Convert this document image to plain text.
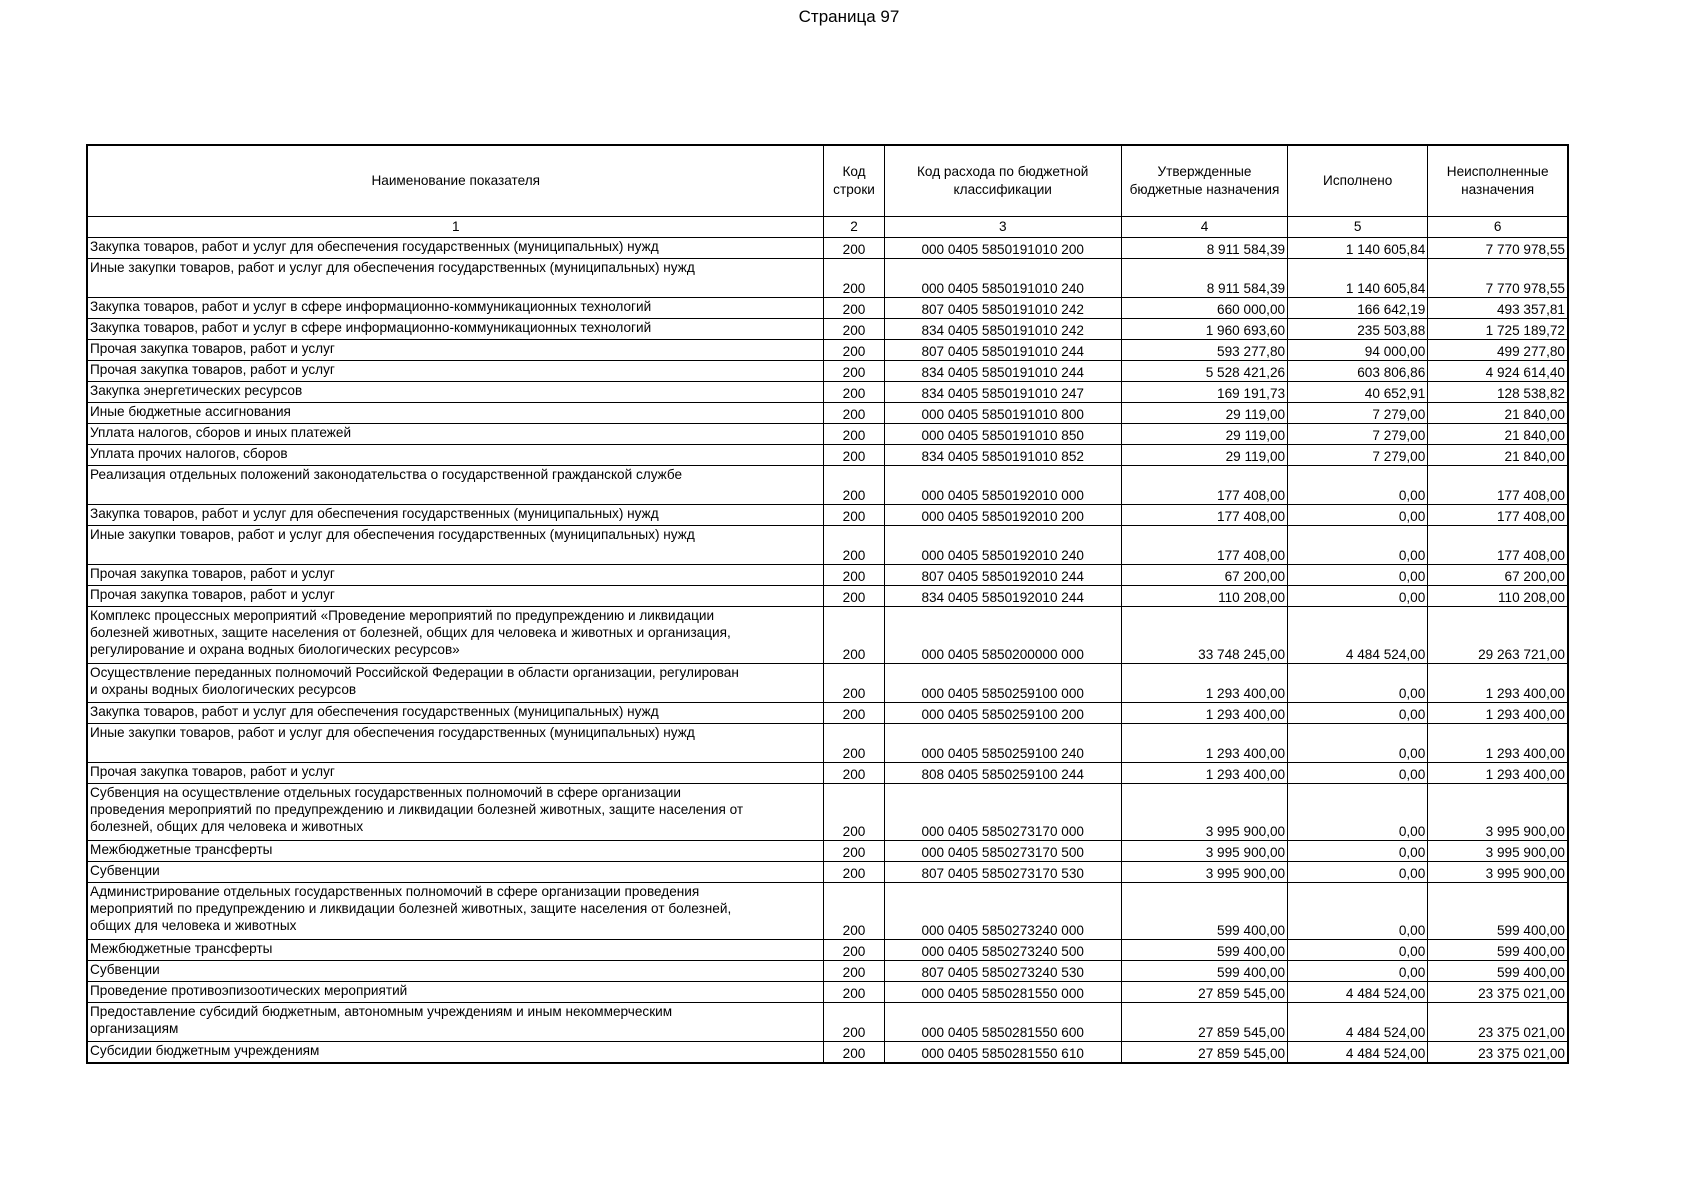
Страница 97
Наименование показателя	Код строки	Код расхода по бюджетной классификации	Утвержденные бюджетные назначения	Исполнено	Неисполненные назначения
1	2	3	4	5	6
Закупка товаров, работ и услуг для обеспечения государственных (муниципальных) нужд	200	000 0405 5850191010 200	8 911 584,39	1 140 605,84	7 770 978,55
Иные закупки товаров, работ и услуг для обеспечения государственных (муниципальных) нужд	200	000 0405 5850191010 240	8 911 584,39	1 140 605,84	7 770 978,55
Закупка товаров, работ и услуг в сфере информационно-коммуникационных технологий	200	807 0405 5850191010 242	660 000,00	166 642,19	493 357,81
Закупка товаров, работ и услуг в сфере информационно-коммуникационных технологий	200	834 0405 5850191010 242	1 960 693,60	235 503,88	1 725 189,72
Прочая закупка товаров, работ и услуг	200	807 0405 5850191010 244	593 277,80	94 000,00	499 277,80
Прочая закупка товаров, работ и услуг	200	834 0405 5850191010 244	5 528 421,26	603 806,86	4 924 614,40
Закупка энергетических ресурсов	200	834 0405 5850191010 247	169 191,73	40 652,91	128 538,82
Иные бюджетные ассигнования	200	000 0405 5850191010 800	29 119,00	7 279,00	21 840,00
Уплата налогов, сборов и иных платежей	200	000 0405 5850191010 850	29 119,00	7 279,00	21 840,00
Уплата прочих налогов, сборов	200	834 0405 5850191010 852	29 119,00	7 279,00	21 840,00
Реализация отдельных положений законодательства о государственной гражданской службе	200	000 0405 5850192010 000	177 408,00	0,00	177 408,00
Закупка товаров, работ и услуг для обеспечения государственных (муниципальных) нужд	200	000 0405 5850192010 200	177 408,00	0,00	177 408,00
Иные закупки товаров, работ и услуг для обеспечения государственных (муниципальных) нужд	200	000 0405 5850192010 240	177 408,00	0,00	177 408,00
Прочая закупка товаров, работ и услуг	200	807 0405 5850192010 244	67 200,00	0,00	67 200,00
Прочая закупка товаров, работ и услуг	200	834 0405 5850192010 244	110 208,00	0,00	110 208,00
Комплекс процессных мероприятий «Проведение мероприятий по предупреждению и ликвидации
болезней животных, защите населения от болезней, общих для человека и животных и организация,
регулирование и охрана водных биологических ресурсов»	200	000 0405 5850200000 000	33 748 245,00	4 484 524,00	29 263 721,00
Осуществление переданных полномочий Российской Федерации в области организации, регулирован
и охраны водных биологических ресурсов	200	000 0405 5850259100 000	1 293 400,00	0,00	1 293 400,00
Закупка товаров, работ и услуг для обеспечения государственных (муниципальных) нужд	200	000 0405 5850259100 200	1 293 400,00	0,00	1 293 400,00
Иные закупки товаров, работ и услуг для обеспечения государственных (муниципальных) нужд	200	000 0405 5850259100 240	1 293 400,00	0,00	1 293 400,00
Прочая закупка товаров, работ и услуг	200	808 0405 5850259100 244	1 293 400,00	0,00	1 293 400,00
Субвенция на осуществление отдельных государственных полномочий в сфере организации
проведения мероприятий по предупреждению и ликвидации болезней животных, защите населения от
болезней, общих для человека и животных	200	000 0405 5850273170 000	3 995 900,00	0,00	3 995 900,00
Межбюджетные трансферты	200	000 0405 5850273170 500	3 995 900,00	0,00	3 995 900,00
Субвенции	200	807 0405 5850273170 530	3 995 900,00	0,00	3 995 900,00
Администрирование отдельных государственных полномочий в сфере организации проведения
мероприятий по предупреждению и ликвидации болезней животных, защите населения от болезней,
общих для человека и животных	200	000 0405 5850273240 000	599 400,00	0,00	599 400,00
Межбюджетные трансферты	200	000 0405 5850273240 500	599 400,00	0,00	599 400,00
Субвенции	200	807 0405 5850273240 530	599 400,00	0,00	599 400,00
Проведение противоэпизоотических мероприятий	200	000 0405 5850281550 000	27 859 545,00	4 484 524,00	23 375 021,00
Предоставление субсидий бюджетным, автономным учреждениям и иным некоммерческим
организациям	200	000 0405 5850281550 600	27 859 545,00	4 484 524,00	23 375 021,00
Субсидии бюджетным учреждениям	200	000 0405 5850281550 610	27 859 545,00	4 484 524,00	23 375 021,00
